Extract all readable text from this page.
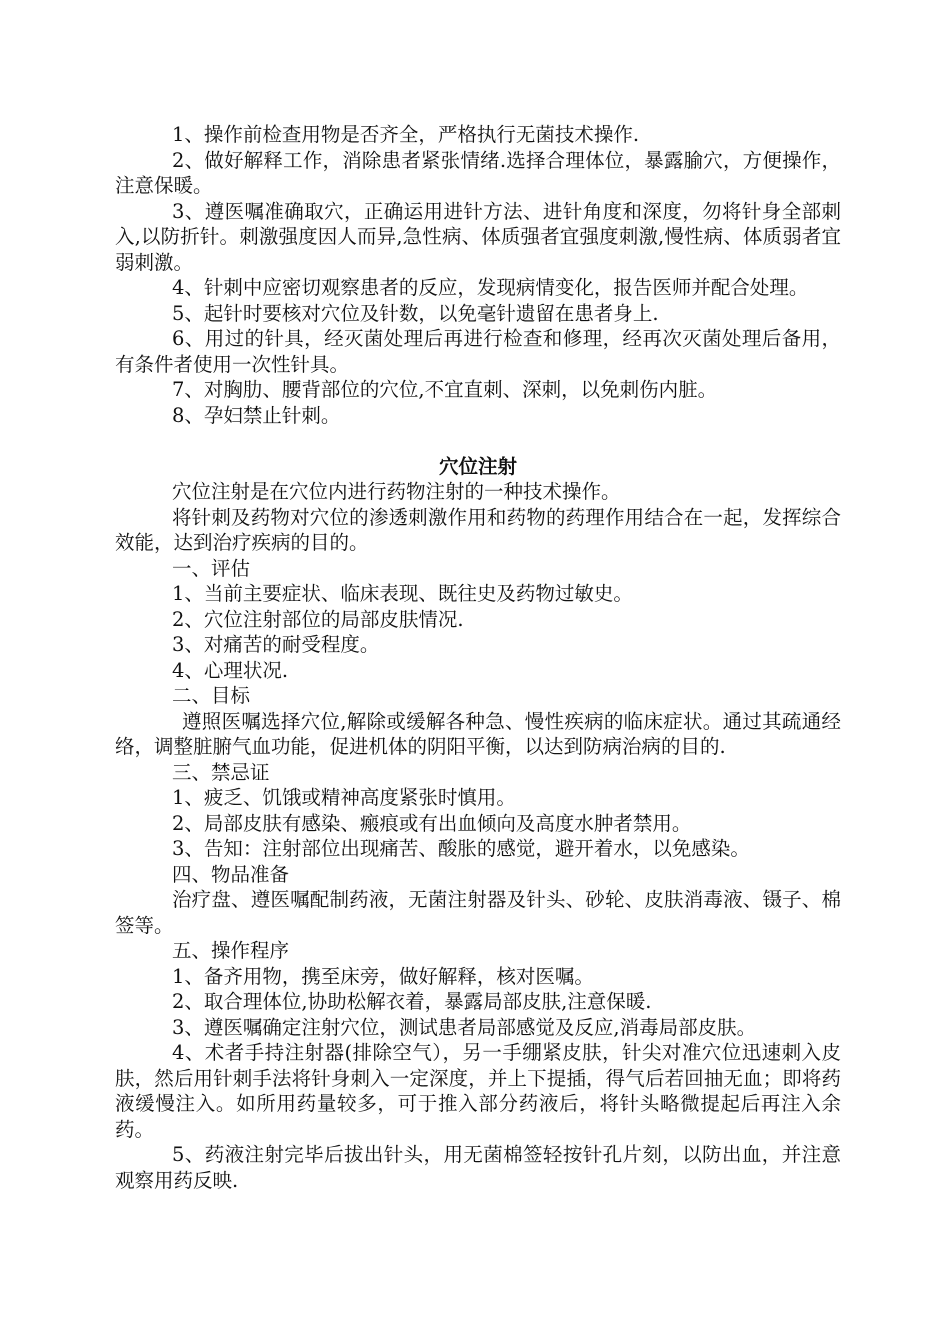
1、操作前检查用物是否齐全，严格执行无菌技术操作.

2、做好解释工作，消除患者紧张情绪.选择合理体位，暴露腧穴，方便操作，注意保暖。

3、遵医嘱准确取穴，正确运用进针方法、进针角度和深度，勿将针身全部刺入,以防折针。刺激强度因人而异,急性病、体质强者宜强度刺激,慢性病、体质弱者宜弱刺激。

4、针刺中应密切观察患者的反应，发现病情变化，报告医师并配合处理。

5、起针时要核对穴位及针数，以免毫针遗留在患者身上.

6、用过的针具，经灭菌处理后再进行检查和修理，经再次灭菌处理后备用，有条件者使用一次性针具。

7、对胸肋、腰背部位的穴位,不宜直刺、深刺，以免刺伤内脏。

8、孕妇禁止针刺。

穴位注射

穴位注射是在穴位内进行药物注射的一种技术操作。

将针刺及药物对穴位的渗透刺激作用和药物的药理作用结合在一起，发挥综合效能，达到治疗疾病的目的。

一、评估

1、当前主要症状、临床表现、既往史及药物过敏史。

2、穴位注射部位的局部皮肤情况.

3、对痛苦的耐受程度。

4、心理状况.

二、目标

遵照医嘱选择穴位,解除或缓解各种急、慢性疾病的临床症状。通过其疏通经络，调整脏腑气血功能，促进机体的阴阳平衡，以达到防病治病的目的.

三、禁忌证

1、疲乏、饥饿或精神高度紧张时慎用。

2、局部皮肤有感染、瘢痕或有出血倾向及高度水肿者禁用。

3、告知：注射部位出现痛苦、酸胀的感觉，避开着水，以免感染。

四、物品准备

治疗盘、遵医嘱配制药液，无菌注射器及针头、砂轮、皮肤消毒液、镊子、棉签等。

五、操作程序

1、备齐用物，携至床旁，做好解释，核对医嘱。

2、取合理体位,协助松解衣着，暴露局部皮肤,注意保暖.

3、遵医嘱确定注射穴位，测试患者局部感觉及反应,消毒局部皮肤。

4、术者手持注射器(排除空气），另一手绷紧皮肤，针尖对准穴位迅速刺入皮肤，然后用针刺手法将针身刺入一定深度，并上下提插，得气后若回抽无血；即将药液缓慢注入。如所用药量较多，可于推入部分药液后，将针头略微提起后再注入余药。

5、药液注射完毕后拔出针头，用无菌棉签轻按针孔片刻，以防出血，并注意观察用药反映.
